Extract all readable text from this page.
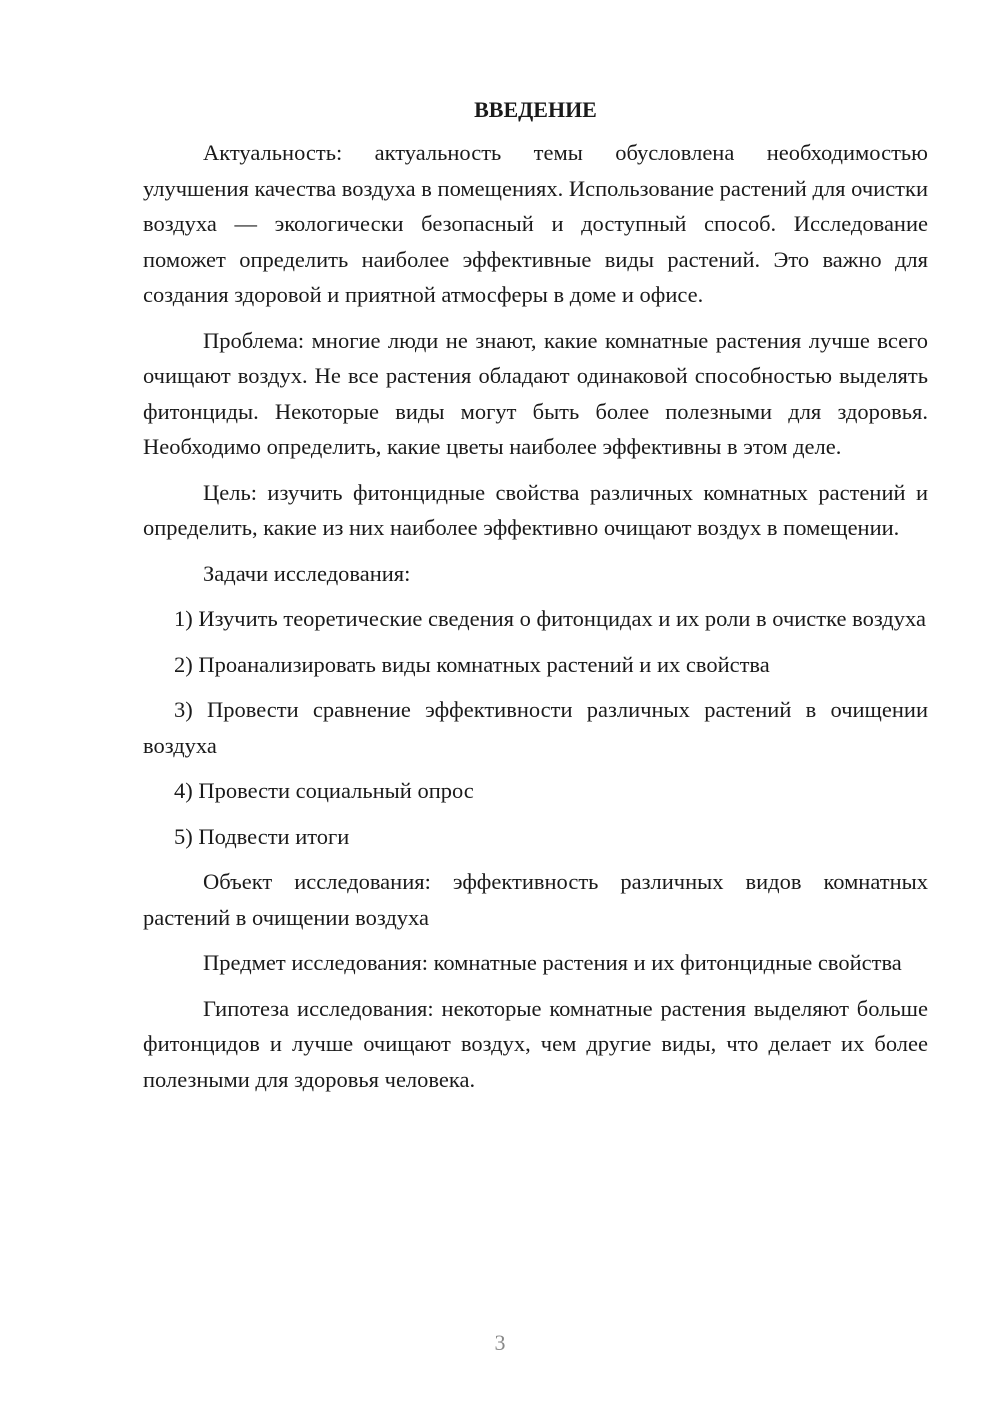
ВВЕДЕНИЕ

Актуальность: актуальность темы обусловлена необходимостью улучшения качества воздуха в помещениях. Использование растений для очистки воздуха — экологически безопасный и доступный способ. Исследование поможет определить наиболее эффективные виды растений. Это важно для создания здоровой и приятной атмосферы в доме и офисе.

Проблема: многие люди не знают, какие комнатные растения лучше всего очищают воздух. Не все растения обладают одинаковой способностью выделять фитонциды. Некоторые виды могут быть более полезными для здоровья. Необходимо определить, какие цветы наиболее эффективны в этом деле.

Цель: изучить фитонцидные свойства различных комнатных растений и определить, какие из них наиболее эффективно очищают воздух в помещении.

Задачи исследования:

1) Изучить теоретические сведения о фитонцидах и их роли в очистке воздуха

2) Проанализировать виды комнатных растений и их свойства

3) Провести сравнение эффективности различных растений в очищении воздуха

4) Провести социальный опрос

5) Подвести итоги

Объект исследования: эффективность различных видов комнатных растений в очищении воздуха

Предмет исследования: комнатные растения и их фитонцидные свойства

Гипотеза исследования: некоторые комнатные растения выделяют больше фитонцидов и лучше очищают воздух, чем другие виды, что делает их более полезными для здоровья человека.

3
